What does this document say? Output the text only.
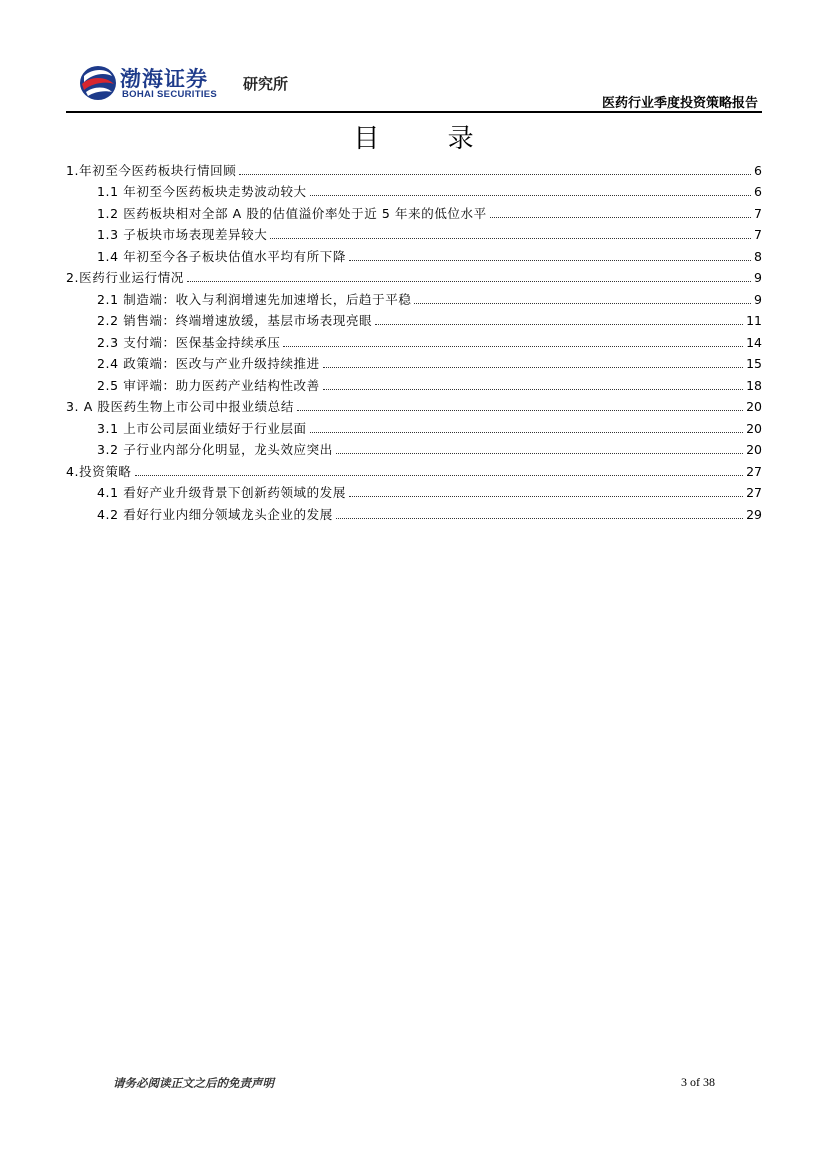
渤海证券
BOHAI SECURITIES
研究所
医药行业季度投资策略报告
目 录
1.年初至今医药板块行情回顾	6
1.1 年初至今医药板块走势波动较大	6
1.2 医药板块相对全部 A 股的估值溢价率处于近 5 年来的低位水平	7
1.3 子板块市场表现差异较大	7
1.4 年初至今各子板块估值水平均有所下降	8
2.医药行业运行情况	9
2.1 制造端：收入与利润增速先加速增长，后趋于平稳	9
2.2 销售端：终端增速放缓，基层市场表现亮眼	11
2.3 支付端：医保基金持续承压	14
2.4 政策端：医改与产业升级持续推进	15
2.5 审评端：助力医药产业结构性改善	18
3. A 股医药生物上市公司中报业绩总结	20
3.1 上市公司层面业绩好于行业层面	20
3.2 子行业内部分化明显，龙头效应突出	20
4.投资策略	27
4.1 看好产业升级背景下创新药领域的发展	27
4.2 看好行业内细分领域龙头企业的发展	29
请务必阅读正文之后的免责声明	3 of 38
